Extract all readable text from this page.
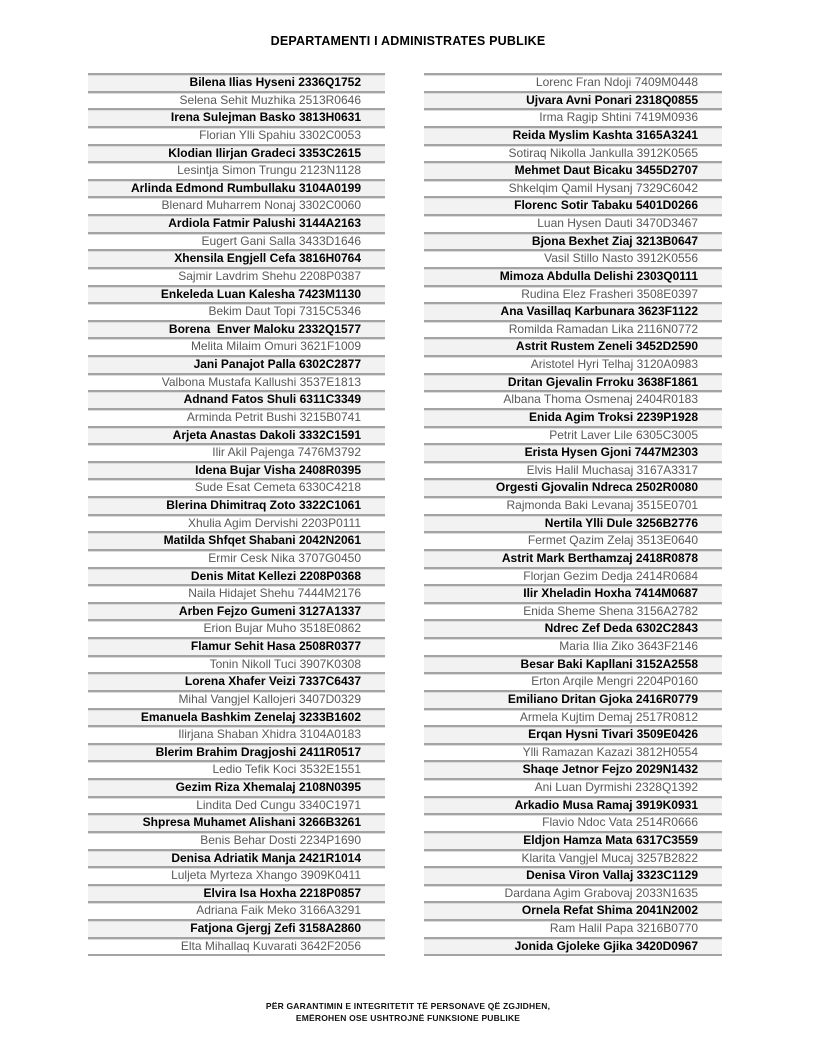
DEPARTAMENTI I ADMINISTRATES PUBLIKE
Bilena Ilias Hyseni 2336Q1752
Selena Sehit Muzhika 2513R0646
Irena Sulejman Basko 3813H0631
Florian Ylli Spahiu 3302C0053
Klodian Ilirjan Gradeci 3353C2615
Lesintja Simon Trungu 2123N1128
Arlinda Edmond Rumbullaku 3104A0199
Blenard Muharrem Nonaj 3302C0060
Ardiola Fatmir Palushi 3144A2163
Eugert Gani Salla 3433D1646
Xhensila Engjell Cefa 3816H0764
Sajmir Lavdrim Shehu 2208P0387
Enkeleda Luan Kalesha 7423M1130
Bekim Daut Topi 7315C5346
Borena  Enver Maloku 2332Q1577
Melita Milaim Omuri 3621F1009
Jani Panajot Palla 6302C2877
Valbona Mustafa Kallushi 3537E1813
Adnand Fatos Shuli 6311C3349
Arminda Petrit Bushi 3215B0741
Arjeta Anastas Dakoli 3332C1591
Ilir Akil Pajenga 7476M3792
Idena Bujar Visha 2408R0395
Sude Esat Cemeta 6330C4218
Blerina Dhimitraq Zoto 3322C1061
Xhulia Agim Dervishi 2203P0111
Matilda Shfqet Shabani 2042N2061
Ermir Cesk Nika 3707G0450
Denis Mitat Kellezi 2208P0368
Naila Hidajet Shehu 7444M2176
Arben Fejzo Gumeni 3127A1337
Erion Bujar Muho 3518E0862
Flamur Sehit Hasa 2508R0377
Tonin Nikoll Tuci 3907K0308
Lorena Xhafer Veizi 7337C6437
Mihal Vangjel Kallojeri 3407D0329
Emanuela Bashkim Zenelaj 3233B1602
Ilirjana Shaban Xhidra 3104A0183
Blerim Brahim Dragjoshi 2411R0517
Ledio Tefik Koci 3532E1551
Gezim Riza Xhemalaj 2108N0395
Lindita Ded Cungu 3340C1971
Shpresa Muhamet Alishani 3266B3261
Benis Behar Dosti 2234P1690
Denisa Adriatik Manja 2421R1014
Luljeta Myrteza Xhango 3909K0411
Elvira Isa Hoxha 2218P0857
Adriana Faik Meko 3166A3291
Fatjona Gjergj Zefi 3158A2860
Elta Mihallaq Kuvarati 3642F2056
Lorenc Fran Ndoji 7409M0448
Ujvara Avni Ponari 2318Q0855
Irma Ragip Shtini 7419M0936
Reida Myslim Kashta 3165A3241
Sotiraq Nikolla Jankulla 3912K0565
Mehmet Daut Bicaku 3455D2707
Shkelqim Qamil Hysanj 7329C6042
Florenc Sotir Tabaku 5401D0266
Luan Hysen Dauti 3470D3467
Bjona Bexhet Ziaj 3213B0647
Vasil Stillo Nasto 3912K0556
Mimoza Abdulla Delishi 2303Q0111
Rudina Elez Frasheri 3508E0397
Ana Vasillaq Karbunara 3623F1122
Romilda Ramadan Lika 2116N0772
Astrit Rustem Zeneli 3452D2590
Aristotel Hyri Telhaj 3120A0983
Dritan Gjevalin Frroku 3638F1861
Albana Thoma Osmenaj 2404R0183
Enida Agim Troksi 2239P1928
Petrit Laver Lile 6305C3005
Erista Hysen Gjoni 7447M2303
Elvis Halil Muchasaj 3167A3317
Orgesti Gjovalin Ndreca 2502R0080
Rajmonda Baki Levanaj 3515E0701
Nertila Ylli Dule 3256B2776
Fermet Qazim Zelaj 3513E0640
Astrit Mark Berthamzaj 2418R0878
Florjan Gezim Dedja 2414R0684
Ilir Xheladin Hoxha 7414M0687
Enida Sheme Shena 3156A2782
Ndrec Zef Deda 6302C2843
Maria Ilia Ziko 3643F2146
Besar Baki Kapllani 3152A2558
Erton Arqile Mengri 2204P0160
Emiliano Dritan Gjoka 2416R0779
Armela Kujtim Demaj 2517R0812
Erqan Hysni Tivari 3509E0426
Ylli Ramazan Kazazi 3812H0554
Shaqe Jetnor Fejzo 2029N1432
Ani Luan Dyrmishi 2328Q1392
Arkadio Musa Ramaj 3919K0931
Flavio Ndoc Vata 2514R0666
Eldjon Hamza Mata 6317C3559
Klarita Vangjel Mucaj 3257B2822
Denisa Viron Vallaj 3323C1129
Dardana Agim Grabovaj 2033N1635
Ornela Refat Shima 2041N2002
Ram Halil Papa 3216B0770
Jonida Gjoleke Gjika 3420D0967
PËR GARANTIMIN E INTEGRITETIT TË PERSONAVE QË ZGJIDHEN,
EMËROHEN OSE USHTROJNË FUNKSIONE PUBLIKE
